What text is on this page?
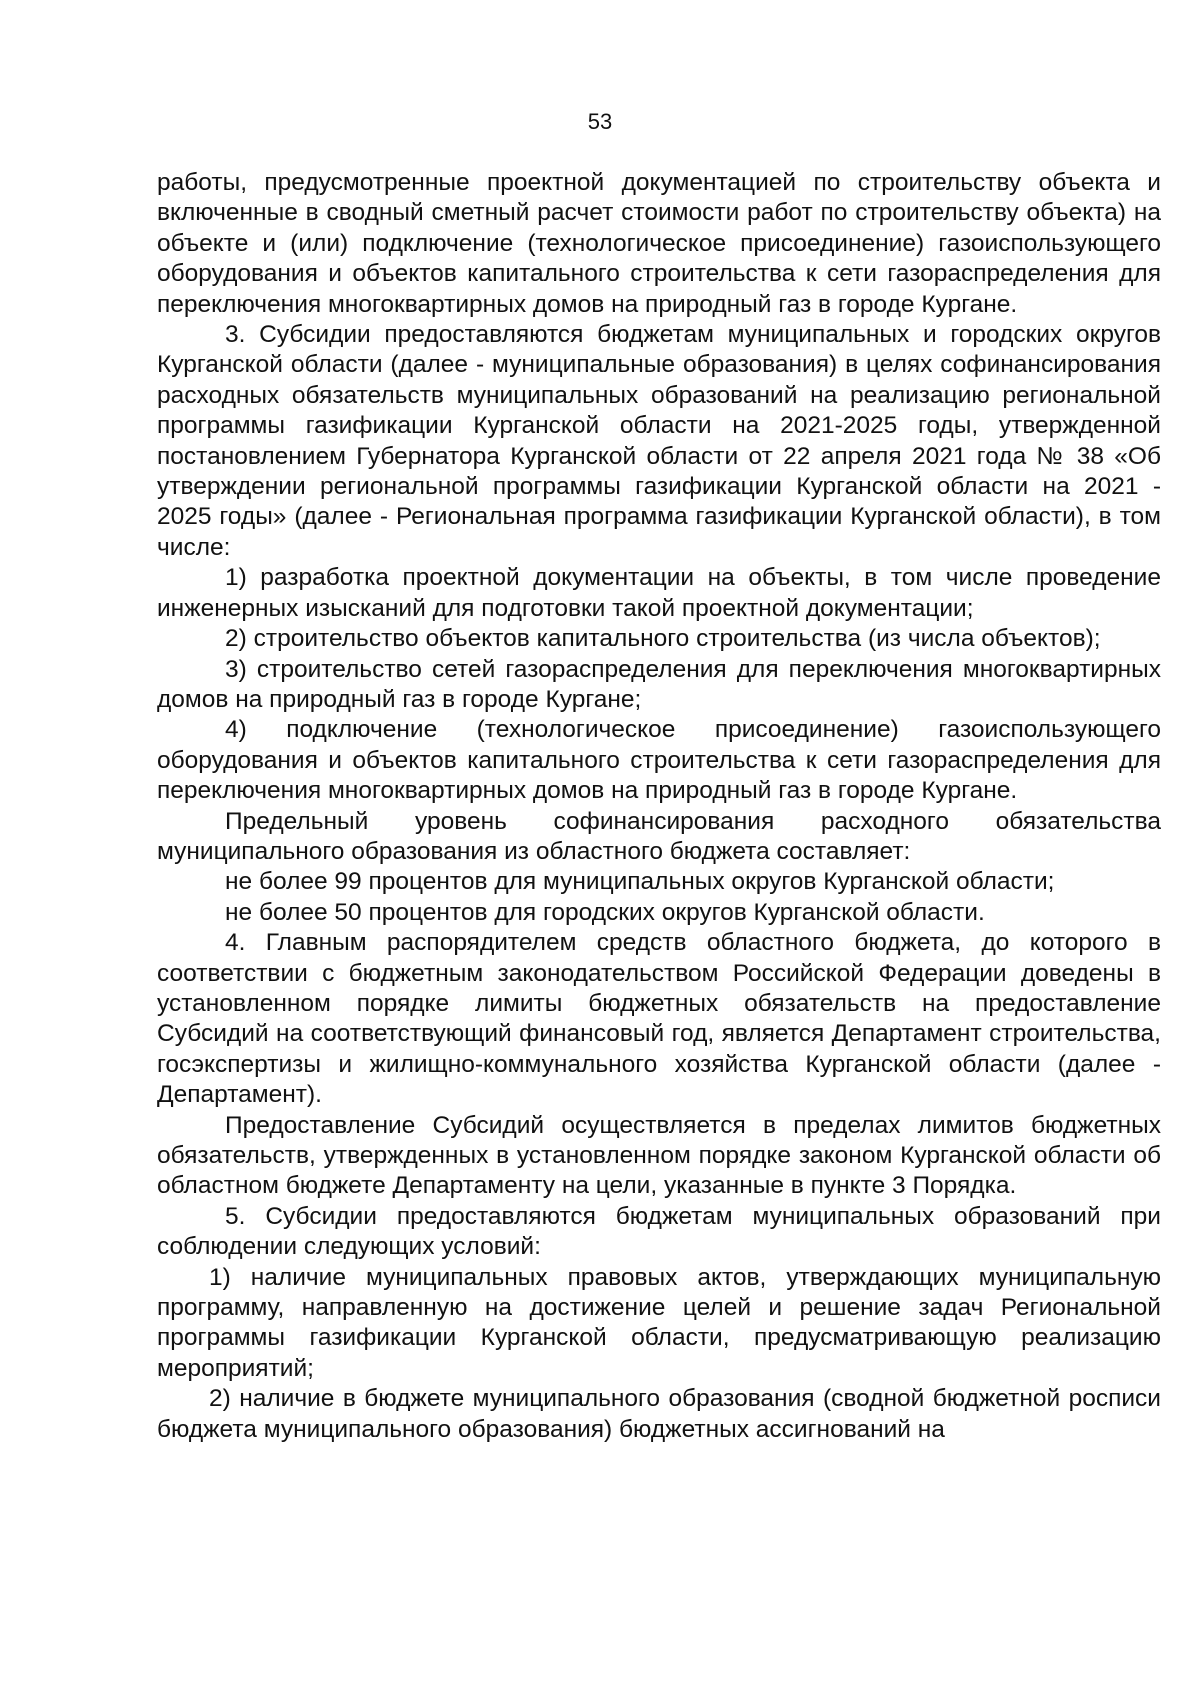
53

работы, предусмотренные проектной документацией по строительству объекта и включенные в сводный сметный расчет стоимости работ по строительству объекта) на объекте и (или) подключение (технологическое присоединение) газоиспользующего оборудования и объектов капитального строительства к сети газораспределения для переключения многоквартирных домов на природный газ в городе Кургане.

3. Субсидии предоставляются бюджетам муниципальных и городских округов Курганской области (далее - муниципальные образования) в целях софинансирования расходных обязательств муниципальных образований на реализацию региональной программы газификации Курганской области на 2021-2025 годы, утвержденной постановлением Губернатора Курганской области от 22 апреля 2021 года № 38 «Об утверждении региональной программы газификации Курганской области на 2021 - 2025 годы» (далее - Региональная программа газификации Курганской области), в том числе:

1) разработка проектной документации на объекты, в том числе проведение инженерных изысканий для подготовки такой проектной документации;

2) строительство объектов капитального строительства (из числа объектов);

3) строительство сетей газораспределения для переключения многоквартирных домов на природный газ в городе Кургане;

4) подключение (технологическое присоединение) газоиспользующего оборудования и объектов капитального строительства к сети газораспределения для переключения многоквартирных домов на природный газ в городе Кургане.

Предельный уровень софинансирования расходного обязательства муниципального образования из областного бюджета составляет:

не более 99 процентов для муниципальных округов Курганской области;

не более 50 процентов для городских округов Курганской области.

4. Главным распорядителем средств областного бюджета, до которого в соответствии с бюджетным законодательством Российской Федерации доведены в установленном порядке лимиты бюджетных обязательств на предоставление Субсидий на соответствующий финансовый год, является Департамент строительства, госэкспертизы и жилищно-коммунального хозяйства Курганской области (далее - Департамент).

Предоставление Субсидий осуществляется в пределах лимитов бюджетных обязательств, утвержденных в установленном порядке законом Курганской области об областном бюджете Департаменту на цели, указанные в пункте 3 Порядка.

5. Субсидии предоставляются бюджетам муниципальных образований при соблюдении следующих условий:

1) наличие муниципальных правовых актов, утверждающих муниципальную программу, направленную на достижение целей и решение задач Региональной программы газификации Курганской области, предусматривающую реализацию мероприятий;

2) наличие в бюджете муниципального образования (сводной бюджетной росписи бюджета муниципального образования) бюджетных ассигнований на
